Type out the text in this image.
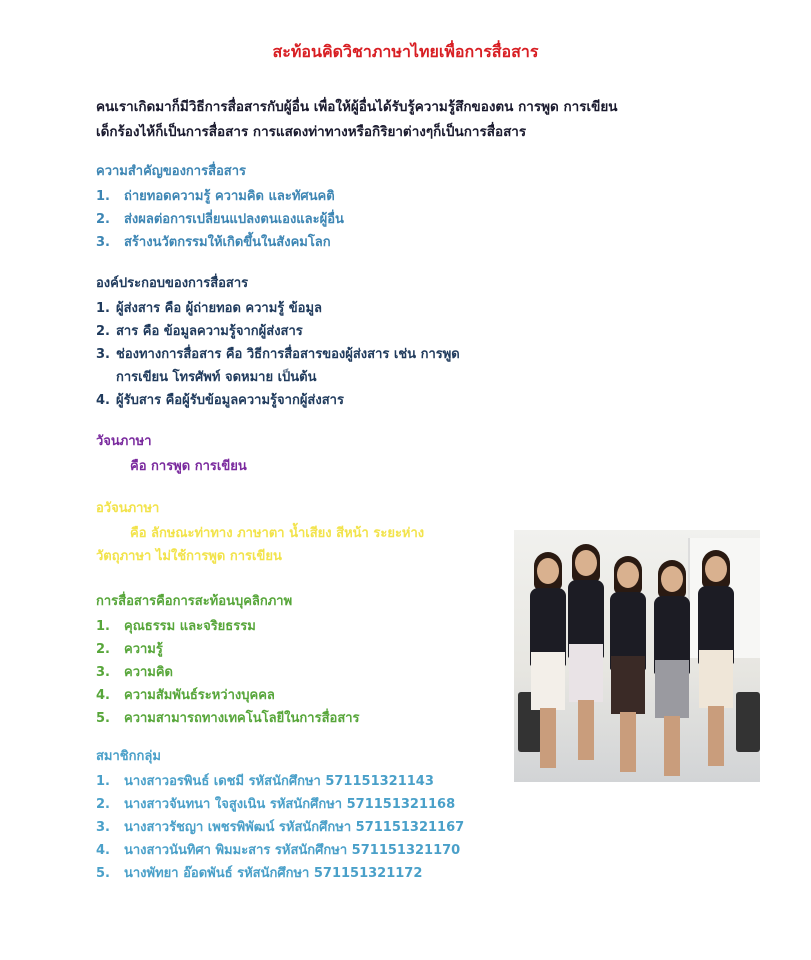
สะท้อนคิดวิชาภาษาไทยเพื่อการสื่อสาร
คนเราเกิดมาก็มีวิธีการสื่อสารกับผู้อื่น เพื่อให้ผู้อื่นได้รับรู้ความรู้สึกของตน การพูด การเขียน
เด็กร้องไห้ก็เป็นการสื่อสาร การแสดงท่าทางหรือกิริยาต่างๆก็เป็นการสื่อสาร
ความสำคัญของการสื่อสาร
1.	ถ่ายทอดความรู้ ความคิด และทัศนคติ
2.	ส่งผลต่อการเปลี่ยนแปลงตนเองและผู้อื่น
3.	สร้างนวัตกรรมให้เกิดขึ้นในสังคมโลก
องค์ประกอบของการสื่อสาร
1. ผู้ส่งสาร คือ ผู้ถ่ายทอด ความรู้ ข้อมูล
2. สาร คือ ข้อมูลความรู้จากผู้ส่งสาร
3. ช่องทางการสื่อสาร คือ วิธีการสื่อสารของผู้ส่งสาร เช่น การพูด
การเขียน โทรศัพท์ จดหมาย เป็นต้น
4. ผู้รับสาร คือผู้รับข้อมูลความรู้จากผู้ส่งสาร
วัจนภาษา
คือ การพูด การเขียน
อวัจนภาษา
คือ ลักษณะท่าทาง ภาษาตา น้ำเสียง สีหน้า ระยะห่าง
วัตถุภาษา ไม่ใช้การพูด การเขียน
การสื่อสารคือการสะท้อนบุคลิกภาพ
1.	คุณธรรม และจริยธรรม
2.	ความรู้
3.	ความคิด
4.	ความสัมพันธ์ระหว่างบุคคล
5.	ความสามารถทางเทคโนโลยีในการสื่อสาร
สมาชิกกลุ่ม
1.	นางสาวอรพินธ์ เดชมี รหัสนักศึกษา 571151321143
2.	นางสาวจันทนา ใจสูงเนิน รหัสนักศึกษา 571151321168
3.	นางสาวรัชญา เพชรพิพัฒน์ รหัสนักศึกษา 571151321167
4.	นางสาวนันทิศา พิมมะสาร รหัสนักศึกษา 571151321170
5.	นางพัทยา อ๊อดพันธ์ รหัสนักศึกษา 571151321172
